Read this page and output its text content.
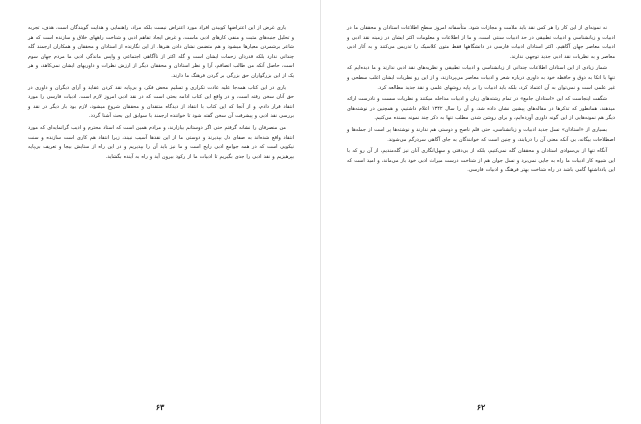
یاری غرض از این اعتراضها کوبیدن افراد مورد اعتراض نیست بلکه مراد، راهنمایی و هدایت گویندگان است، هدف، تجربه و تحلیل جنبه‌های مثبت و منفی کارهای ادبی ماست، و غرض ایجاد تفاهم ادبی و شناخت راههای خلاق و سازنده است که هر شاعر برشمردن معیارها میشود و هم متضمن نشان دادن هنرها. از این نگارنده از استادان و محققان و همکاران ارجمند گله چندانی ندارد بلکه قدردان زحمات ایشان است و گله اکثر از ناآگاهی اجتماعی و واپس ماندگی ادبی ما مردم جهان سوم است، حاصل آنکه من طالب انصافم، آرا و نظر استادان و محققان دیگر از ارزش نظرات و داوریهای ایشان نمی‌کاهد، و هر یک از این بزرگواران حق بزرگی بر گردن فرهنگ ما دارند.

یاری در این کتاب همه‌جا علیه عادت تکراری و تسلیم محض فکر، و بی‌پایه نقد کردن عقاید و آرای دیگران و داوری در حق آنان سخن رفته است، و در واقع این کتاب ادامه بحثی است که در نقد ادبی امروز لازم است. ادبیات فارسی را مورد انتقاد قرار دادم، و از آنجا که این کتاب با انتقاد از دیدگاه منتقدان و محققان شروع میشود، لازم بود بار دیگر در نقد و بررسی نقد ادبی و پیشرفت آن سخن گفته شود تا خواننده ارجمند با سوابق این بحث آشنا گردد.

من منصرفان را نشانه گرفتم حتی اگر دوستانم بیازارند، و مرادم همین است که استاد محترم و ادیب گرانمایه‌ای که مورد انتقاد واقع شده‌اند به صفای دل بپذیرند و دوستی ما از این نقدها آسیب نبیند، زیرا انتقاد هم کاری است سازنده و سنت نیکویی است که در همه جوامع ادبی رایج است و ما نیز باید آن را بپذیریم و در این راه از ستایش بیجا و تعریف بی‌پایه بپرهیزیم و نقد ادبی را جدی بگیریم تا ادبیات ما از رکود بیرون آید و راه به آینده بگشاید.

۶۳

نه نمونه‌ای از این کار را هر کس نقد باید ملامت و مجازات شود. متأسفانه امروز سطح اطلاعات استادان و محققان ما در ادبیات و زبانشناسی و ادبیات تطبیقی در حد ادبیات سنتی است، و ما از اطلاعات و معلومات اکثر ایشان در زمینه نقد ادبی و ادبیات معاصر جهان آگاهیم. اکثر استادان ادبیات فارسی در دانشگاهها فقط متون کلاسیک را تدریس می‌کنند و به آثار ادبی معاصر و به نظریات نقد ادبی جدید توجهی ندارند.

شمار زیادی از این استادان اطلاعات چندانی از زبانشناسی و ادبیات تطبیقی و نظریه‌های نقد ادبی ندارند و ما دیده‌ایم که تنها با اتکا به ذوق و حافظه خود به داوری درباره شعر و ادبیات معاصر می‌پردازند، و از این رو نظریات ایشان اغلب سطحی و غیر علمی است و نمی‌توان به آن اعتماد کرد، بلکه باید ادبیات را بر پایه روشهای علمی و نقد جدید مطالعه کرد.

شگفت اینجاست که این «استادان جامع» در تمام رشته‌های زبان و ادبیات مداخله میکنند و نظریات سست و نادرست ارائه میدهند، همانطور که تذکرها در مقاله‌های پیشین نشان داده شد، و آن را سال ۱۳۴۲ اعلام داشتیم، و همچنین در نوشته‌های دیگر هم نمونه‌هایی از این گونه داوری آورده‌ایم، و برای روشن شدن مطلب تنها به ذکر چند نمونه بسنده می‌کنیم.

بسیاری از «استادان» نسل جدید ادبیات و زبانشناسی، حتی قلم ناصح و دوستی هم ندارند و نوشته‌ها پر است از جمله‌ها و اصطلاحات بیگانه، بی آنکه معنی آن را دریابند، و چنین است که خوانندگان به جای آگاهی سردرگم می‌شوند.

آنگاه تنها از بی‌سوادی استادان و محققان گله نمی‌کنیم، بلکه از بی‌دقتی و سهل‌انگاری آنان نیز گله‌مندیم، از آن رو که با این شیوه کار ادبیات ما راه به جایی نمی‌برد و نسل جوان هم از شناخت درست میراث ادبی خود باز می‌ماند، و امید است که این یادداشتها گامی باشد در راه شناخت بهتر فرهنگ و ادبیات فارسی.

۶۲
